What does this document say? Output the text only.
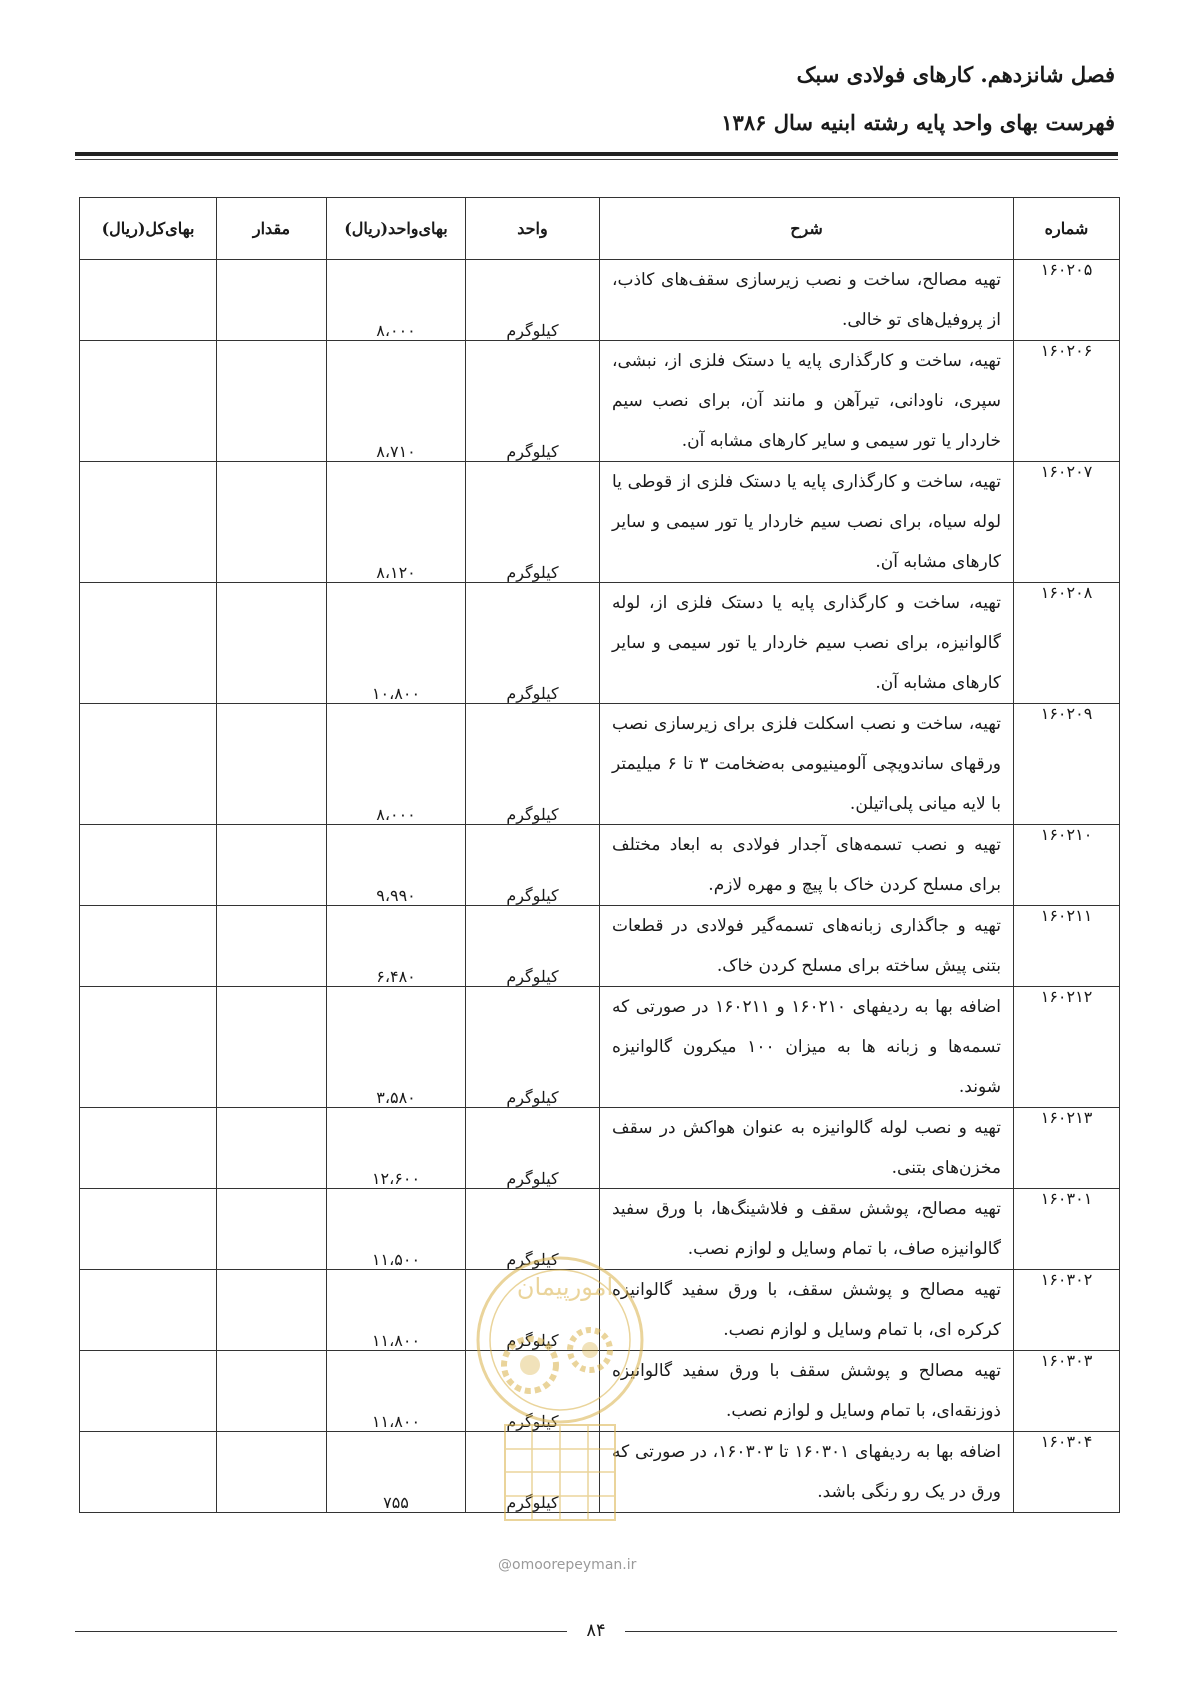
فصل شانزدهم. کارهای فولادی سبک
فهرست بهای واحد پایه رشته ابنیه سال ۱۳۸۶
شماره	شرح	واحد	بهای‌واحد(ریال)	مقدار	بهای‌کل(ریال)
۱۶۰۲۰۵	تهیه مصالح، ساخت و نصب زیرسازی سقف‌های کاذب، از پروفیل‌های تو خالی.	کیلوگرم	۸،۰۰۰		
۱۶۰۲۰۶	تهیه، ساخت و کارگذاری پایه یا دستک فلزی از، نبشی، سپری، ناودانی، تیرآهن و مانند آن، برای نصب سیم خاردار یا تور سیمی و سایر کارهای مشابه آن.	کیلوگرم	۸،۷۱۰		
۱۶۰۲۰۷	تهیه، ساخت و کارگذاری پایه یا دستک فلزی از قوطی یا لوله سیاه، برای نصب سیم خاردار یا تور سیمی و سایر کارهای مشابه آن.	کیلوگرم	۸،۱۲۰		
۱۶۰۲۰۸	تهیه، ساخت و کارگذاری پایه یا دستک فلزی از، لوله گالوانیزه، برای نصب سیم خاردار یا تور سیمی و سایر کارهای مشابه آن.	کیلوگرم	۱۰،۸۰۰		
۱۶۰۲۰۹	تهیه، ساخت و نصب اسکلت فلزی برای زیرسازی نصب ورقهای ساندویچی آلومینیومی به‌ضخامت ۳ تا ۶ میلیمتر با لایه میانی پلی‌اتیلن.	کیلوگرم	۸،۰۰۰		
۱۶۰۲۱۰	تهیه و نصب تسمه‌های آجدار فولادی به ابعاد مختلف برای مسلح کردن خاک با پیچ و مهره لازم.	کیلوگرم	۹،۹۹۰		
۱۶۰۲۱۱	تهیه و جاگذاری زبانه‌های تسمه‌گیر فولادی در قطعات بتنی پیش ساخته برای مسلح کردن خاک.	کیلوگرم	۶،۴۸۰		
۱۶۰۲۱۲	اضافه بها به ردیفهای ۱۶۰۲۱۰ و ۱۶۰۲۱۱ در صورتی که تسمه‌ها و زبانه ها به میزان ۱۰۰ میکرون گالوانیزه شوند.	کیلوگرم	۳،۵۸۰		
۱۶۰۲۱۳	تهیه و نصب لوله گالوانیزه به عنوان هواکش در سقف مخزن‌های بتنی.	کیلوگرم	۱۲،۶۰۰		
۱۶۰۳۰۱	تهیه مصالح، پوشش سقف و فلاشینگ‌ها، با ورق سفید گالوانیزه صاف، با تمام وسایل و لوازم نصب.	کیلوگرم	۱۱،۵۰۰		
۱۶۰۳۰۲	تهیه مصالح و پوشش سقف، با ورق سفید گالوانیزه کرکره ای، با تمام وسایل و لوازم نصب.	کیلوگرم	۱۱،۸۰۰		
۱۶۰۳۰۳	تهیه مصالح و پوشش سقف با ورق سفید گالوانیزه ذوزنقه‌ای، با تمام وسایل و لوازم نصب.	کیلوگرم	۱۱،۸۰۰		
۱۶۰۳۰۴	اضافه بها به ردیفهای ۱۶۰۳۰۱ تا ۱۶۰۳۰۳، در صورتی که ورق در یک رو رنگی باشد.	کیلوگرم	۷۵۵		
امورپیمان
@omoorepeyman.ir
۸۴
